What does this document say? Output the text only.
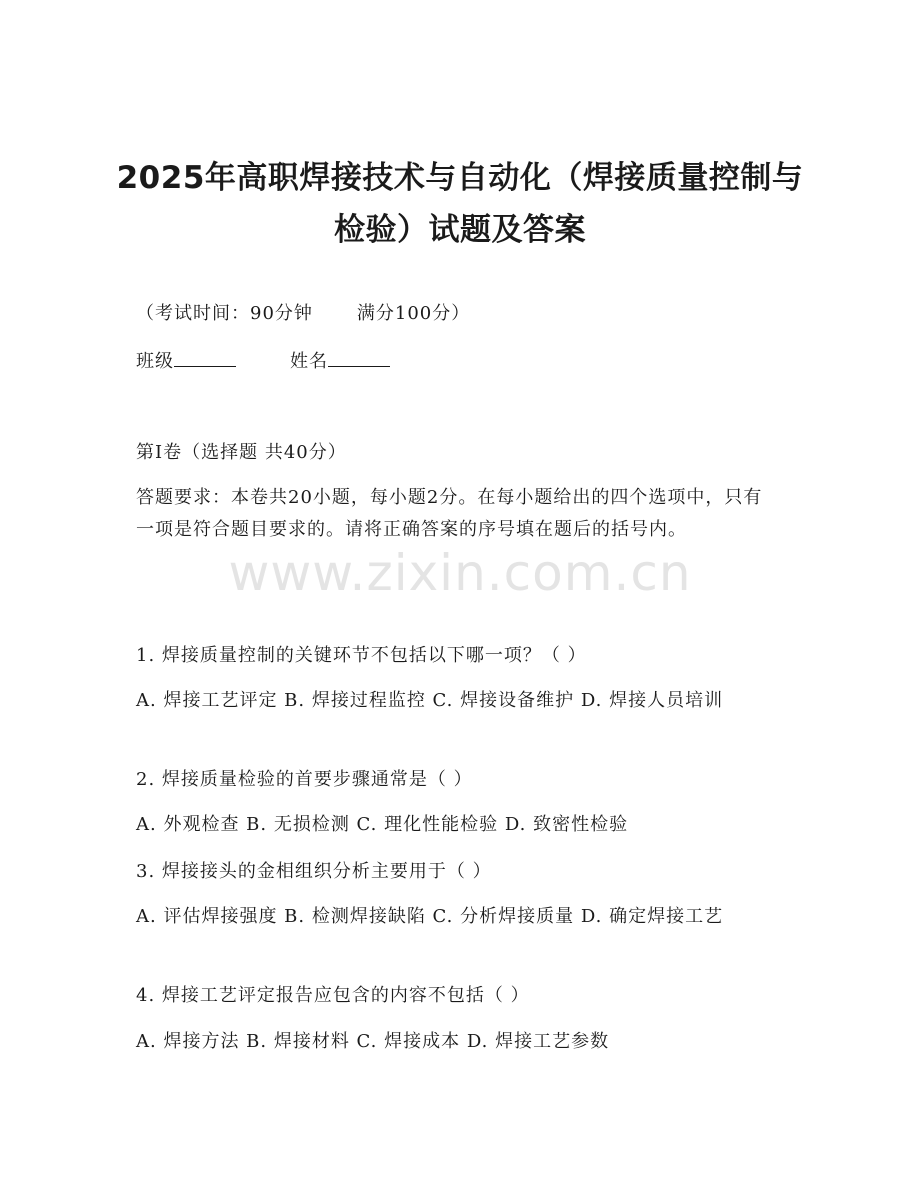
2025年高职焊接技术与自动化（焊接质量控制与检验）试题及答案
（考试时间：90分钟 满分100分）
班级	姓名
第I卷（选择题 共40分）
答题要求：本卷共20小题，每小题2分。在每小题给出的四个选项中，只有一项是符合题目要求的。请将正确答案的序号填在题后的括号内。
www.zixin.com.cn
1. 焊接质量控制的关键环节不包括以下哪一项？（ ）
A. 焊接工艺评定 B. 焊接过程监控 C. 焊接设备维护 D. 焊接人员培训
2. 焊接质量检验的首要步骤通常是（ ）
A. 外观检查 B. 无损检测 C. 理化性能检验 D. 致密性检验
3. 焊接接头的金相组织分析主要用于（ ）
A. 评估焊接强度 B. 检测焊接缺陷 C. 分析焊接质量 D. 确定焊接工艺
4. 焊接工艺评定报告应包含的内容不包括（ ）
A. 焊接方法 B. 焊接材料 C. 焊接成本 D. 焊接工艺参数
